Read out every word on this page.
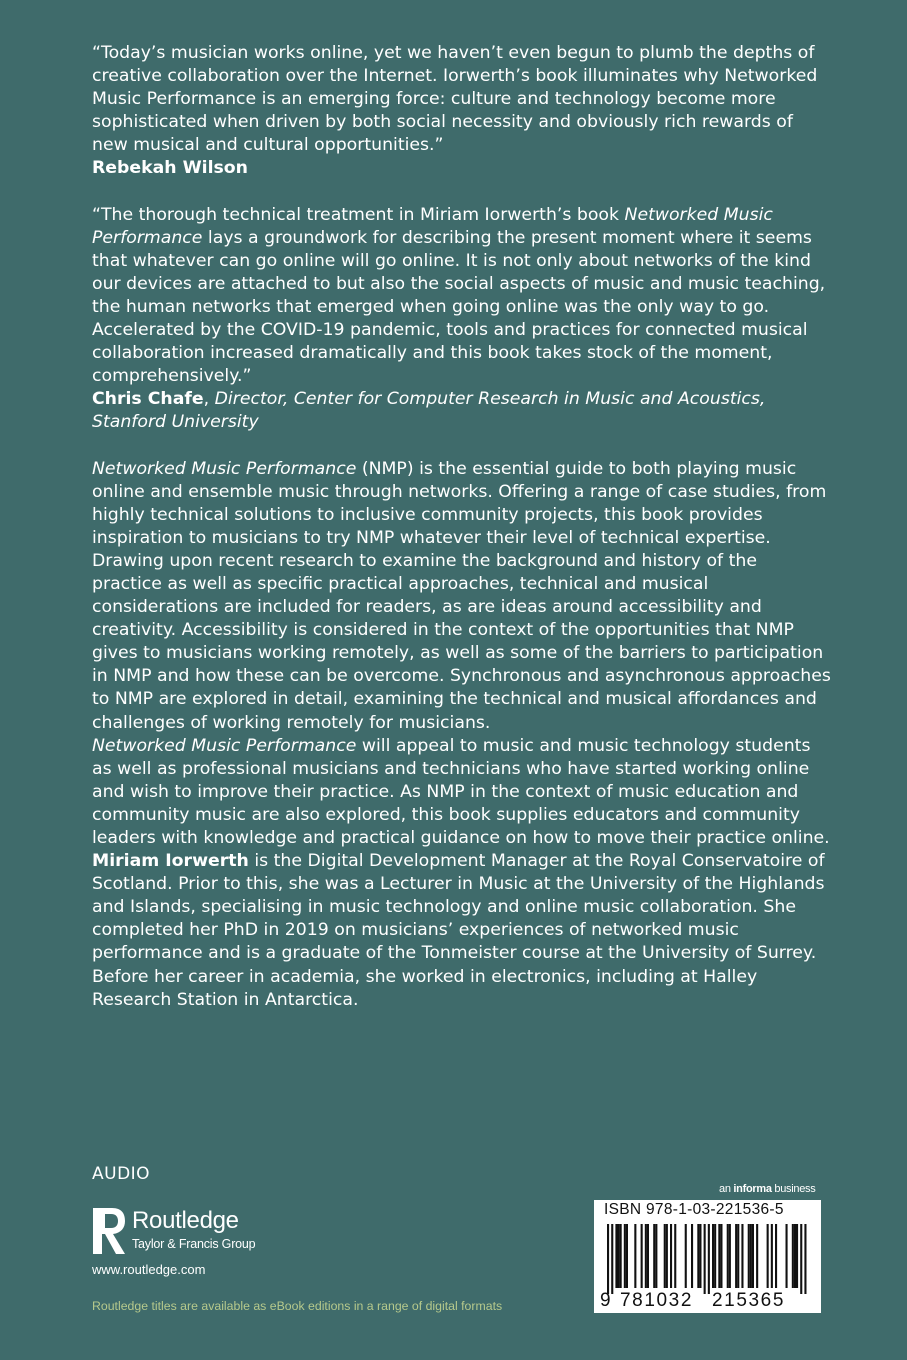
“Today’s musician works online, yet we haven’t even begun to plumb the depths of creative collaboration over the Internet. Iorwerth’s book illuminates why Networked Music Performance is an emerging force: culture and technology become more sophisticated when driven by both social necessity and obviously rich rewards of new musical and cultural opportunities.”

Rebekah Wilson

“The thorough technical treatment in Miriam Iorwerth’s book Networked Music Performance lays a groundwork for describing the present moment where it seems that whatever can go online will go online. It is not only about networks of the kind our devices are attached to but also the social aspects of music and music teaching, the human networks that emerged when going online was the only way to go. Accelerated by the COVID-19 pandemic, tools and practices for connected musical collaboration increased dramatically and this book takes stock of the moment, comprehensively.”

Chris Chafe, Director, Center for Computer Research in Music and Acoustics, Stanford University

Networked Music Performance (NMP) is the essential guide to both playing music online and ensemble music through networks. Offering a range of case studies, from highly technical solutions to inclusive community projects, this book provides inspiration to musicians to try NMP whatever their level of technical expertise.

Drawing upon recent research to examine the background and history of the practice as well as specific practical approaches, technical and musical considerations are included for readers, as are ideas around accessibility and creativity. Accessibility is considered in the context of the opportunities that NMP gives to musicians working remotely, as well as some of the barriers to participation in NMP and how these can be overcome. Synchronous and asynchronous approaches to NMP are explored in detail, examining the technical and musical affordances and challenges of working remotely for musicians.

Networked Music Performance will appeal to music and music technology students as well as professional musicians and technicians who have started working online and wish to improve their practice. As NMP in the context of music education and community music are also explored, this book supplies educators and community leaders with knowledge and practical guidance on how to move their practice online.

Miriam Iorwerth is the Digital Development Manager at the Royal Conservatoire of Scotland. Prior to this, she was a Lecturer in Music at the University of the Highlands and Islands, specialising in music technology and online music collaboration. She completed her PhD in 2019 on musicians’ experiences of networked music performance and is a graduate of the Tonmeister course at the University of Surrey. Before her career in academia, she worked in electronics, including at Halley Research Station in Antarctica.

AUDIO
Routledge
Taylor & Francis Group
www.routledge.com
Routledge titles are available as eBook editions in a range of digital formats
an informa business
ISBN 978-1-03-221536-5
9 781032 215365
